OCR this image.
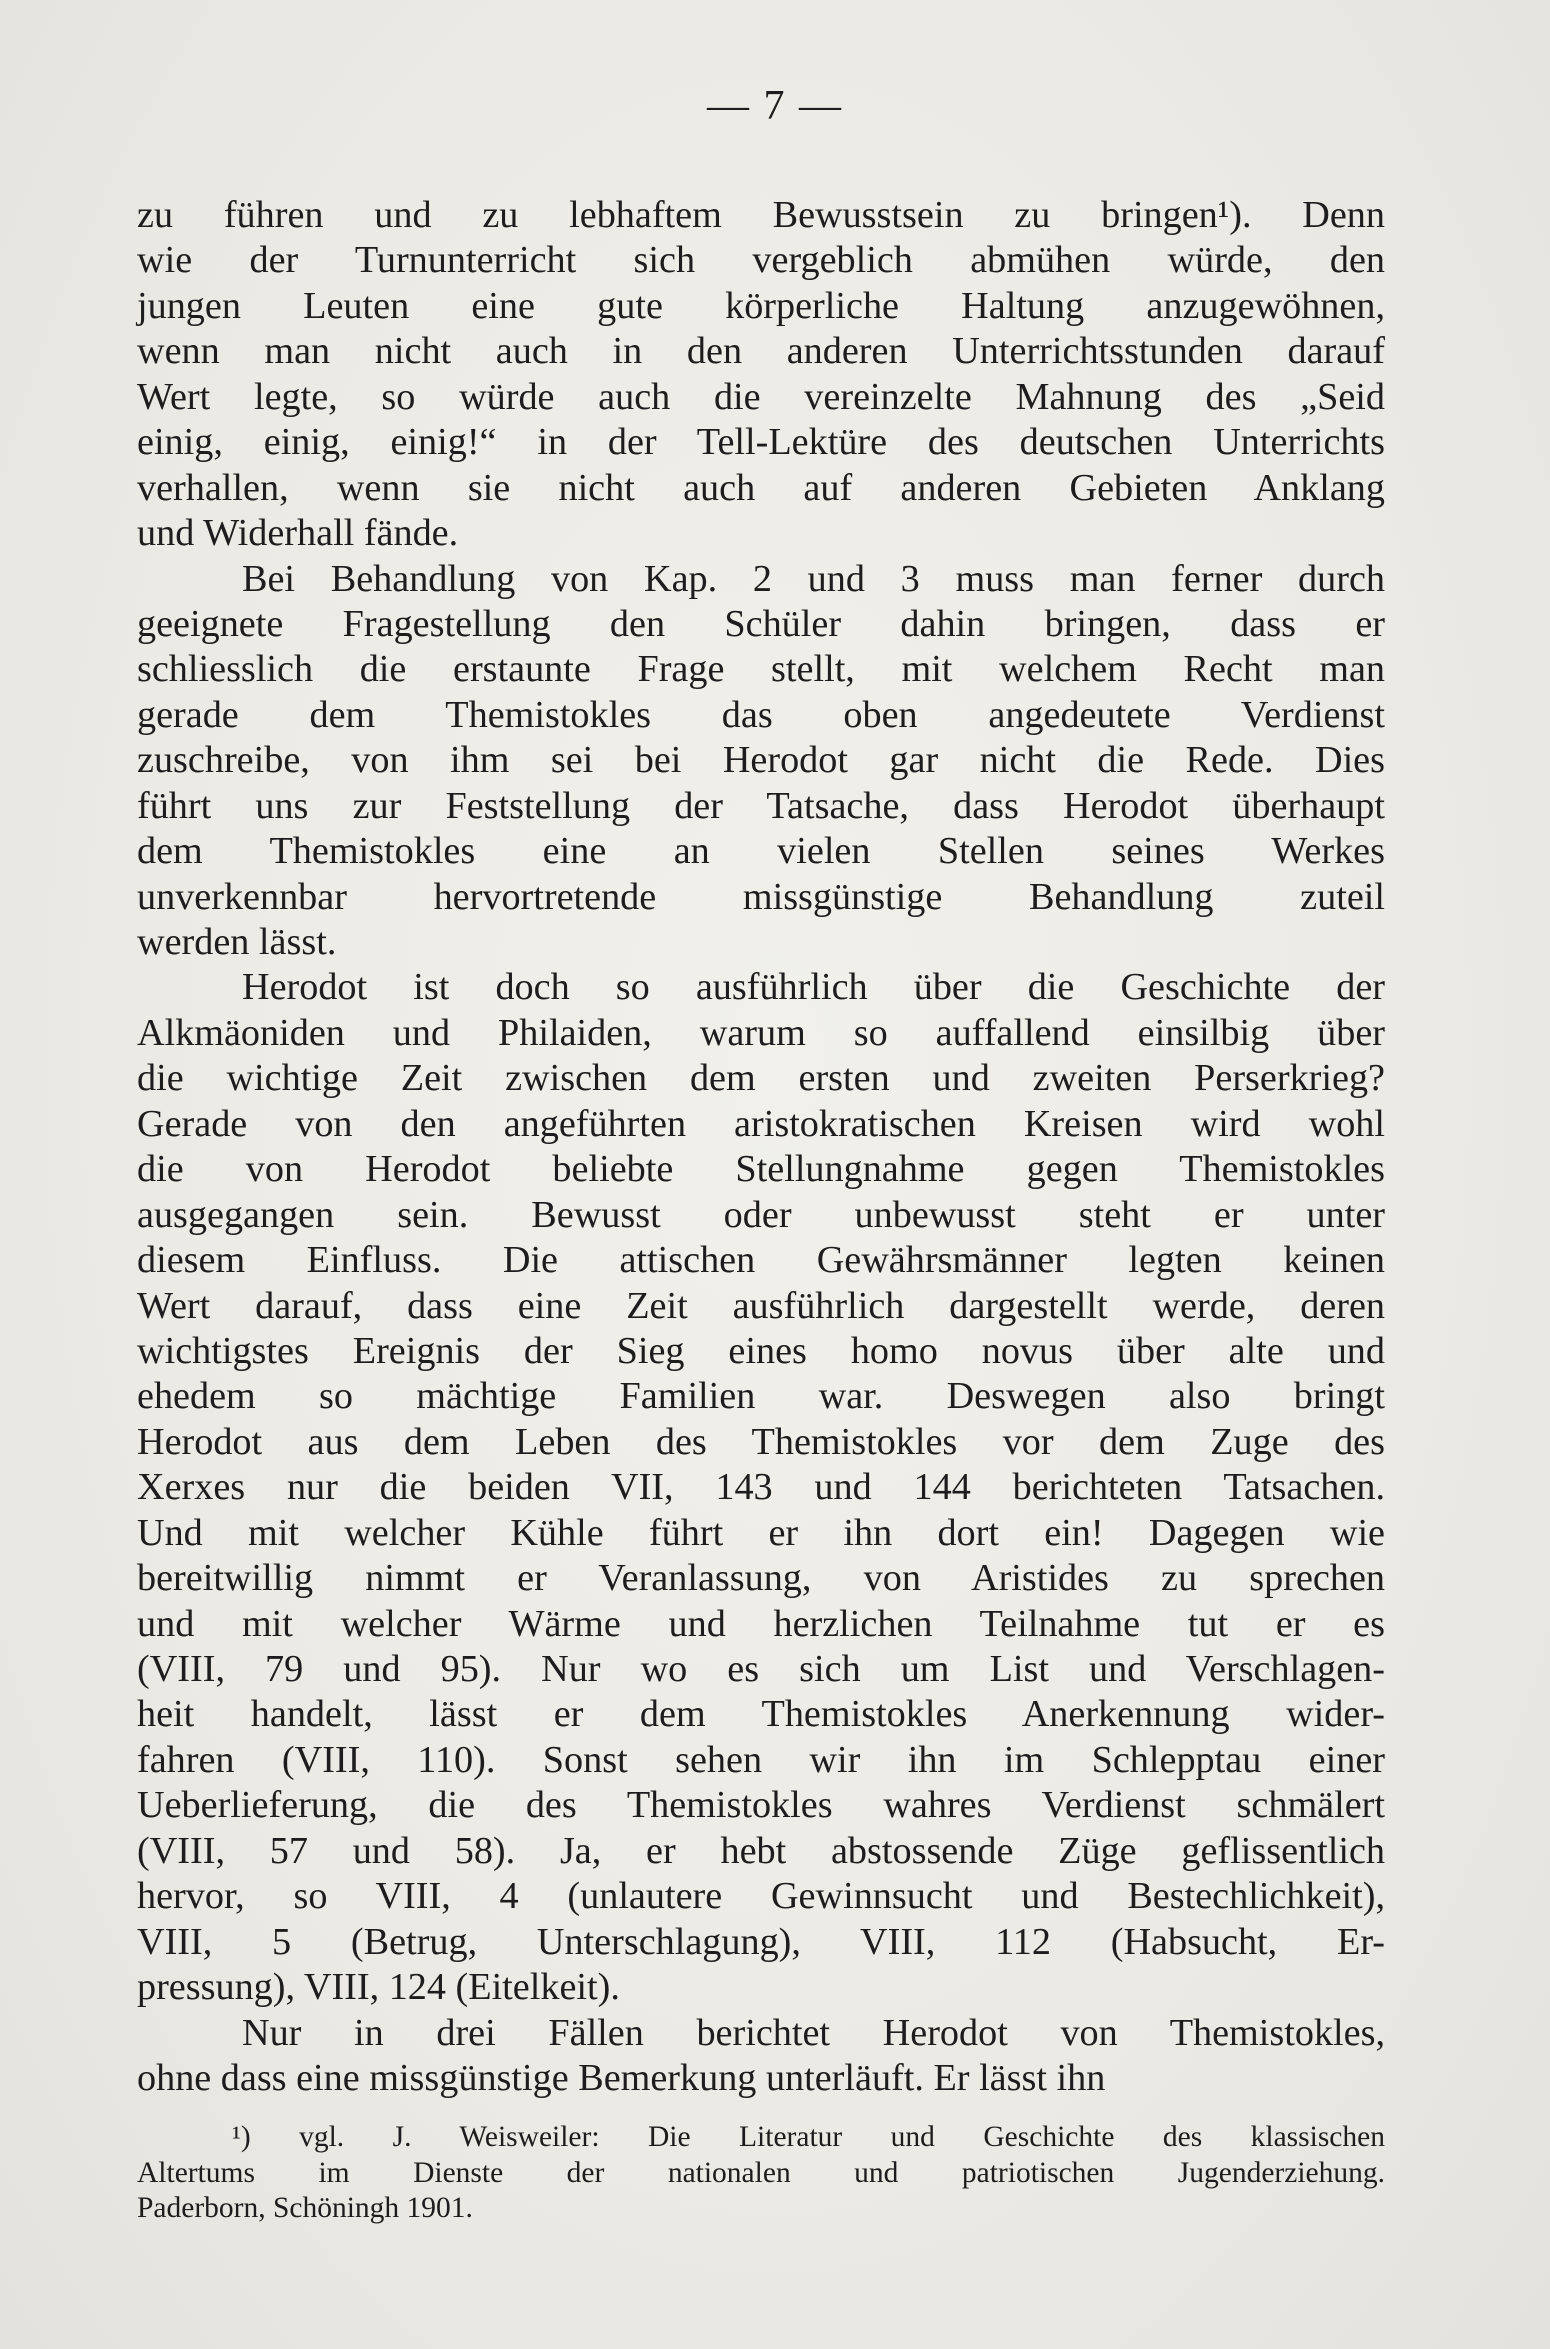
— 7 —
zu führen und zu lebhaftem Bewusstsein zu bringen¹). Denn
wie der Turnunterricht sich vergeblich abmühen würde, den
jungen Leuten eine gute körperliche Haltung anzugewöhnen,
wenn man nicht auch in den anderen Unterrichtsstunden darauf
Wert legte, so würde auch die vereinzelte Mahnung des „Seid
einig, einig, einig!“ in der Tell-Lektüre des deutschen Unterrichts
verhallen, wenn sie nicht auch auf anderen Gebieten Anklang
und Widerhall fände.
Bei Behandlung von Kap. 2 und 3 muss man ferner durch
geeignete Fragestellung den Schüler dahin bringen, dass er
schliesslich die erstaunte Frage stellt, mit welchem Recht man
gerade dem Themistokles das oben angedeutete Verdienst
zuschreibe, von ihm sei bei Herodot gar nicht die Rede. Dies
führt uns zur Feststellung der Tatsache, dass Herodot überhaupt
dem Themistokles eine an vielen Stellen seines Werkes
unverkennbar hervortretende missgünstige Behandlung zuteil
werden lässt.
Herodot ist doch so ausführlich über die Geschichte der
Alkmäoniden und Philaiden, warum so auffallend einsilbig über
die wichtige Zeit zwischen dem ersten und zweiten Perserkrieg?
Gerade von den angeführten aristokratischen Kreisen wird wohl
die von Herodot beliebte Stellungnahme gegen Themistokles
ausgegangen sein. Bewusst oder unbewusst steht er unter
diesem Einfluss. Die attischen Gewährsmänner legten keinen
Wert darauf, dass eine Zeit ausführlich dargestellt werde, deren
wichtigstes Ereignis der Sieg eines homo novus über alte und
ehedem so mächtige Familien war. Deswegen also bringt
Herodot aus dem Leben des Themistokles vor dem Zuge des
Xerxes nur die beiden VII, 143 und 144 berichteten Tatsachen.
Und mit welcher Kühle führt er ihn dort ein! Dagegen wie
bereitwillig nimmt er Veranlassung, von Aristides zu sprechen
und mit welcher Wärme und herzlichen Teilnahme tut er es
(VIII, 79 und 95). Nur wo es sich um List und Verschlagen-
heit handelt, lässt er dem Themistokles Anerkennung wider-
fahren (VIII, 110). Sonst sehen wir ihn im Schlepptau einer
Ueberlieferung, die des Themistokles wahres Verdienst schmälert
(VIII, 57 und 58). Ja, er hebt abstossende Züge geflissentlich
hervor, so VIII, 4 (unlautere Gewinnsucht und Bestechlichkeit),
VIII, 5 (Betrug, Unterschlagung), VIII, 112 (Habsucht, Er-
pressung), VIII, 124 (Eitelkeit).
Nur in drei Fällen berichtet Herodot von Themistokles,
ohne dass eine missgünstige Bemerkung unterläuft. Er lässt ihn
¹) vgl. J. Weisweiler: Die Literatur und Geschichte des klassischen
Altertums im Dienste der nationalen und patriotischen Jugenderziehung.
Paderborn, Schöningh 1901.
